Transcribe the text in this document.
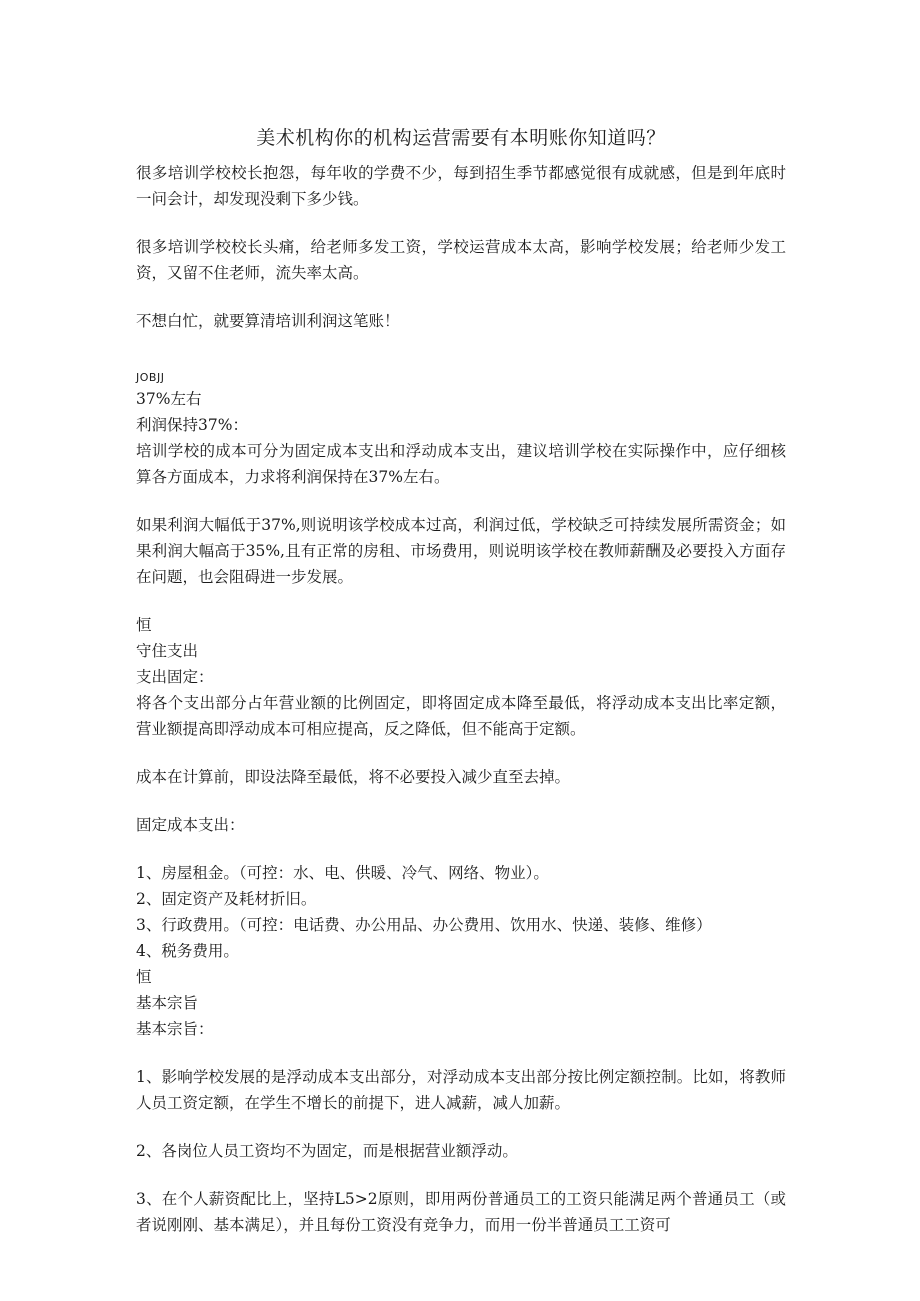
美术机构你的机构运营需要有本明账你知道吗？

很多培训学校校长抱怨，每年收的学费不少，每到招生季节都感觉很有成就感，但是到年底时一问会计，却发现没剩下多少钱。

很多培训学校校长头痛，给老师多发工资，学校运营成本太高，影响学校发展；给老师少发工资，又留不住老师，流失率太高。

不想白忙，就要算清培训利润这笔账！

JOBJJ

37%左右

利润保持37%：

培训学校的成本可分为固定成本支出和浮动成本支出，建议培训学校在实际操作中，应仔细核算各方面成本，力求将利润保持在37%左右。

如果利润大幅低于37%,则说明该学校成本过高，利润过低，学校缺乏可持续发展所需资金；如果利润大幅高于35%,且有正常的房租、市场费用，则说明该学校在教师薪酬及必要投入方面存在问题，也会阻碍进一步发展。

恒

守住支出

支出固定：

将各个支出部分占年营业额的比例固定，即将固定成本降至最低，将浮动成本支出比率定额，营业额提高即浮动成本可相应提高，反之降低，但不能高于定额。

成本在计算前，即设法降至最低，将不必要投入减少直至去掉。

固定成本支出：

1、房屋租金。（可控：水、电、供暖、冷气、网络、物业）。

2、固定资产及耗材折旧。

3、行政费用。（可控：电话费、办公用品、办公费用、饮用水、快递、装修、维修）

4、税务费用。

恒

基本宗旨

基本宗旨：

1、影响学校发展的是浮动成本支出部分，对浮动成本支出部分按比例定额控制。比如，将教师人员工资定额，在学生不增长的前提下，进人减薪，减人加薪。

2、各岗位人员工资均不为固定，而是根据营业额浮动。

3、在个人薪资配比上，坚持L5>2原则，即用两份普通员工的工资只能满足两个普通员工（或者说刚刚、基本满足），并且每份工资没有竞争力，而用一份半普通员工工资可
